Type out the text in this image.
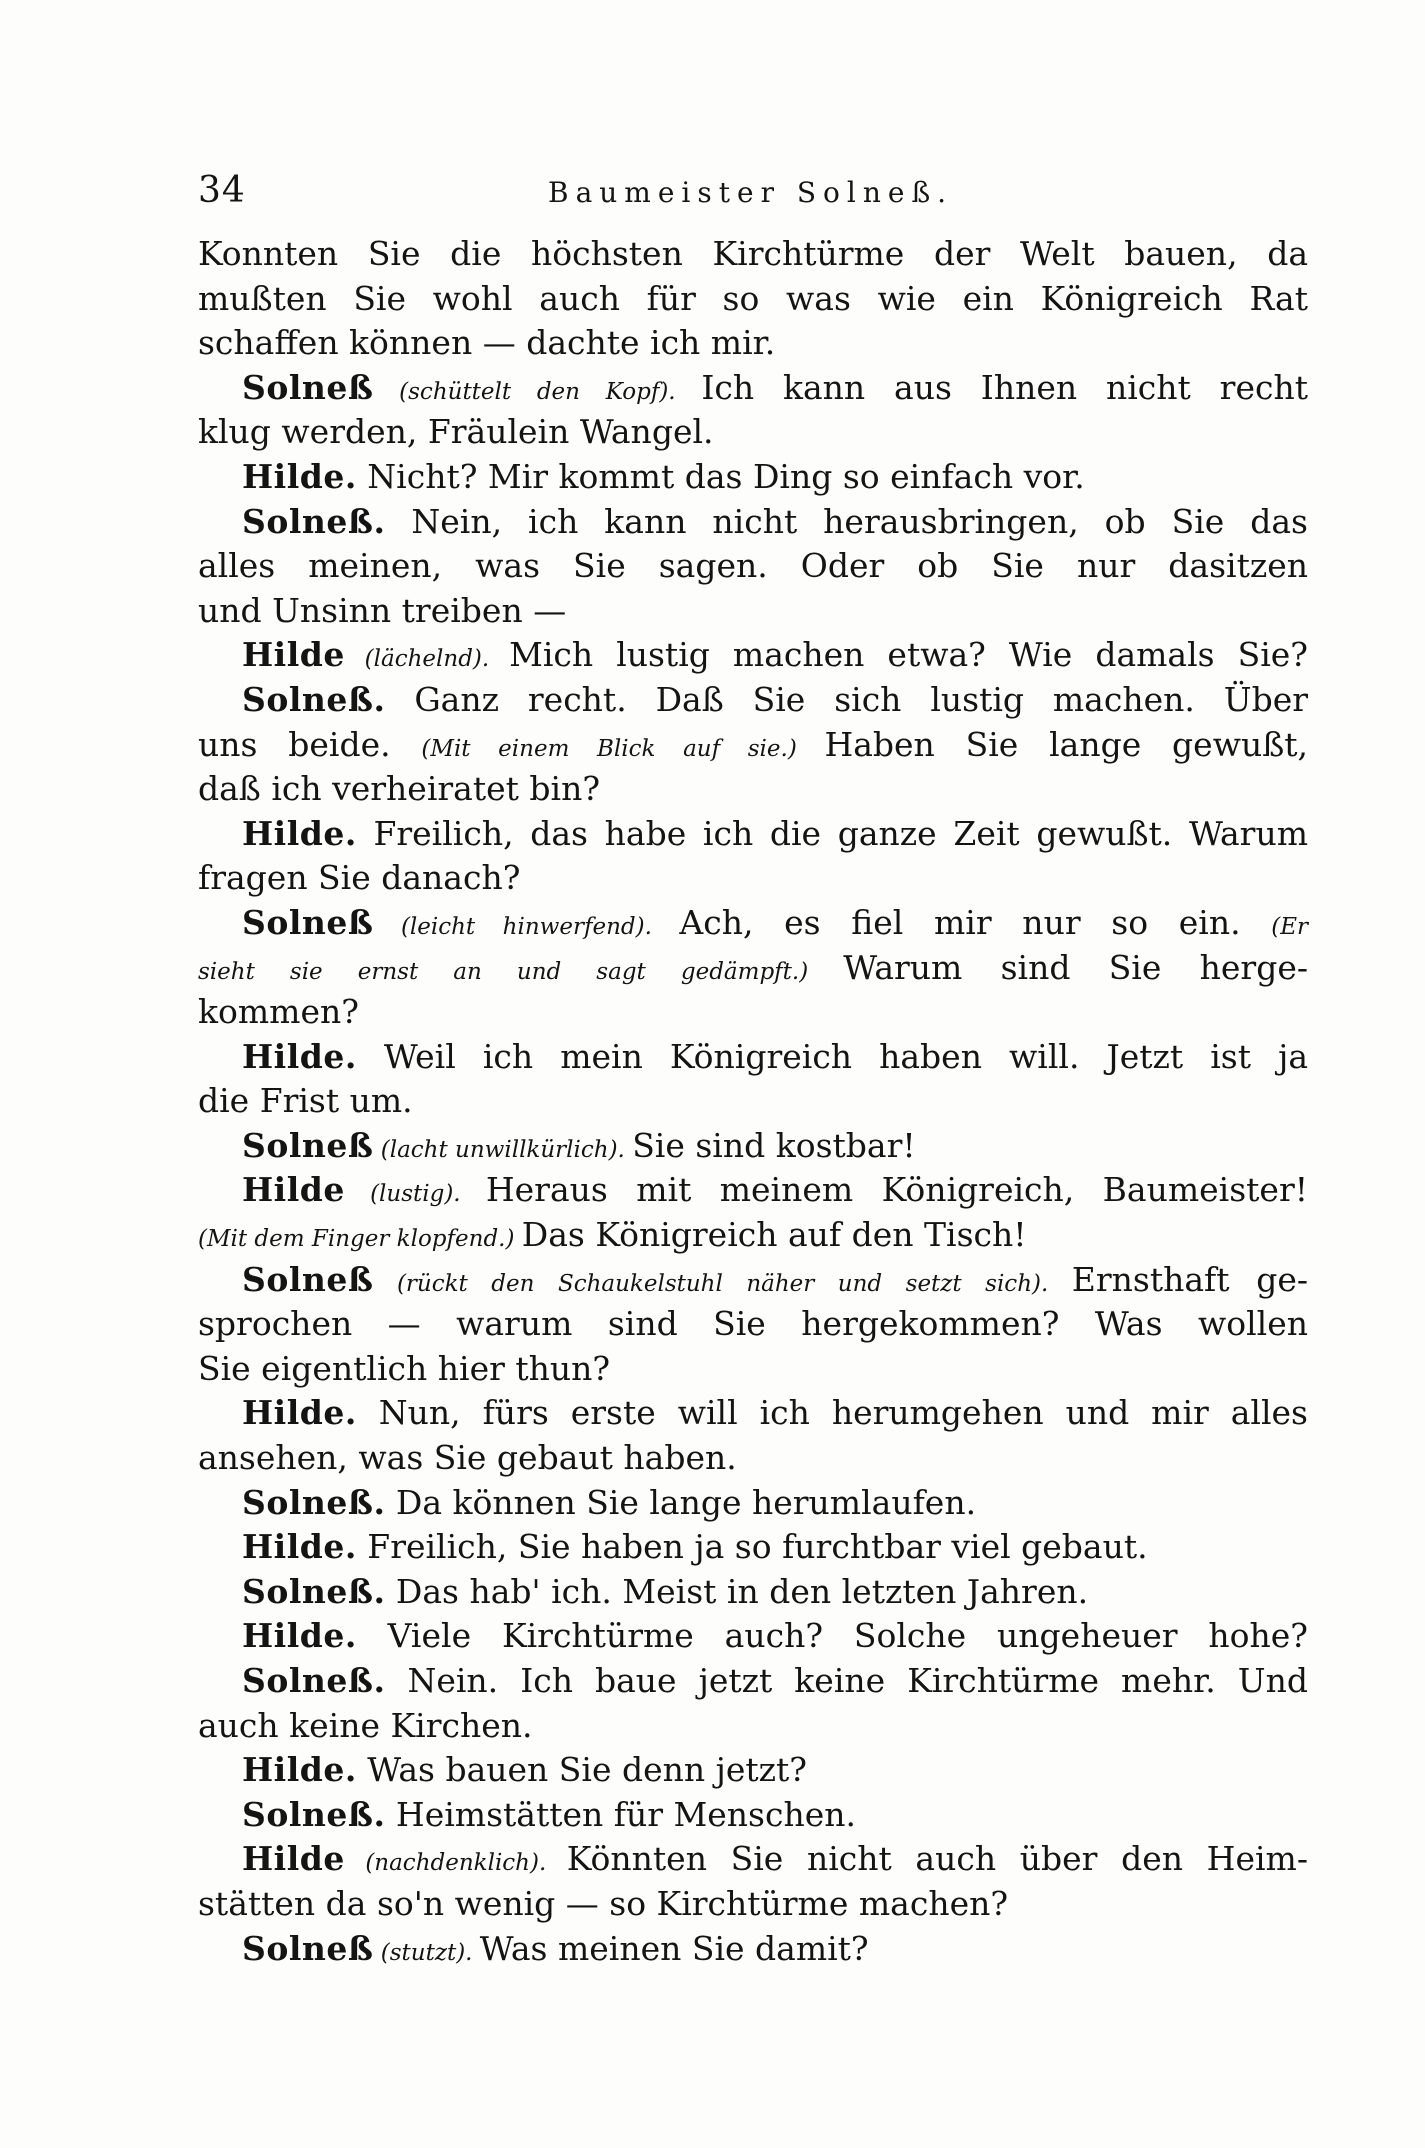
34	Baumeister Solneß.
Konnten Sie die höchsten Kirchtürme der Welt bauen, da
mußten Sie wohl auch für so was wie ein Königreich Rat
schaffen können — dachte ich mir.
Solneß (schüttelt den Kopf). Ich kann aus Ihnen nicht recht
klug werden, Fräulein Wangel.
Hilde. Nicht? Mir kommt das Ding so einfach vor.
Solneß. Nein, ich kann nicht herausbringen, ob Sie das
alles meinen, was Sie sagen. Oder ob Sie nur dasitzen
und Unsinn treiben —
Hilde (lächelnd). Mich lustig machen etwa? Wie damals Sie?
Solneß. Ganz recht. Daß Sie sich lustig machen. Über
uns beide. (Mit einem Blick auf sie.) Haben Sie lange gewußt,
daß ich verheiratet bin?
Hilde. Freilich, das habe ich die ganze Zeit gewußt. Warum
fragen Sie danach?
Solneß (leicht hinwerfend). Ach, es fiel mir nur so ein. (Er
sieht sie ernst an und sagt gedämpft.) Warum sind Sie herge-
kommen?
Hilde. Weil ich mein Königreich haben will. Jetzt ist ja
die Frist um.
Solneß (lacht unwillkürlich). Sie sind kostbar!
Hilde (lustig). Heraus mit meinem Königreich, Baumeister!
(Mit dem Finger klopfend.) Das Königreich auf den Tisch!
Solneß (rückt den Schaukelstuhl näher und setzt sich). Ernsthaft ge-
sprochen — warum sind Sie hergekommen? Was wollen
Sie eigentlich hier thun?
Hilde. Nun, fürs erste will ich herumgehen und mir alles
ansehen, was Sie gebaut haben.
Solneß. Da können Sie lange herumlaufen.
Hilde. Freilich, Sie haben ja so furchtbar viel gebaut.
Solneß. Das hab' ich. Meist in den letzten Jahren.
Hilde. Viele Kirchtürme auch? Solche ungeheuer hohe?
Solneß. Nein. Ich baue jetzt keine Kirchtürme mehr. Und
auch keine Kirchen.
Hilde. Was bauen Sie denn jetzt?
Solneß. Heimstätten für Menschen.
Hilde (nachdenklich). Könnten Sie nicht auch über den Heim-
stätten da so'n wenig — so Kirchtürme machen?
Solneß (stutzt). Was meinen Sie damit?
